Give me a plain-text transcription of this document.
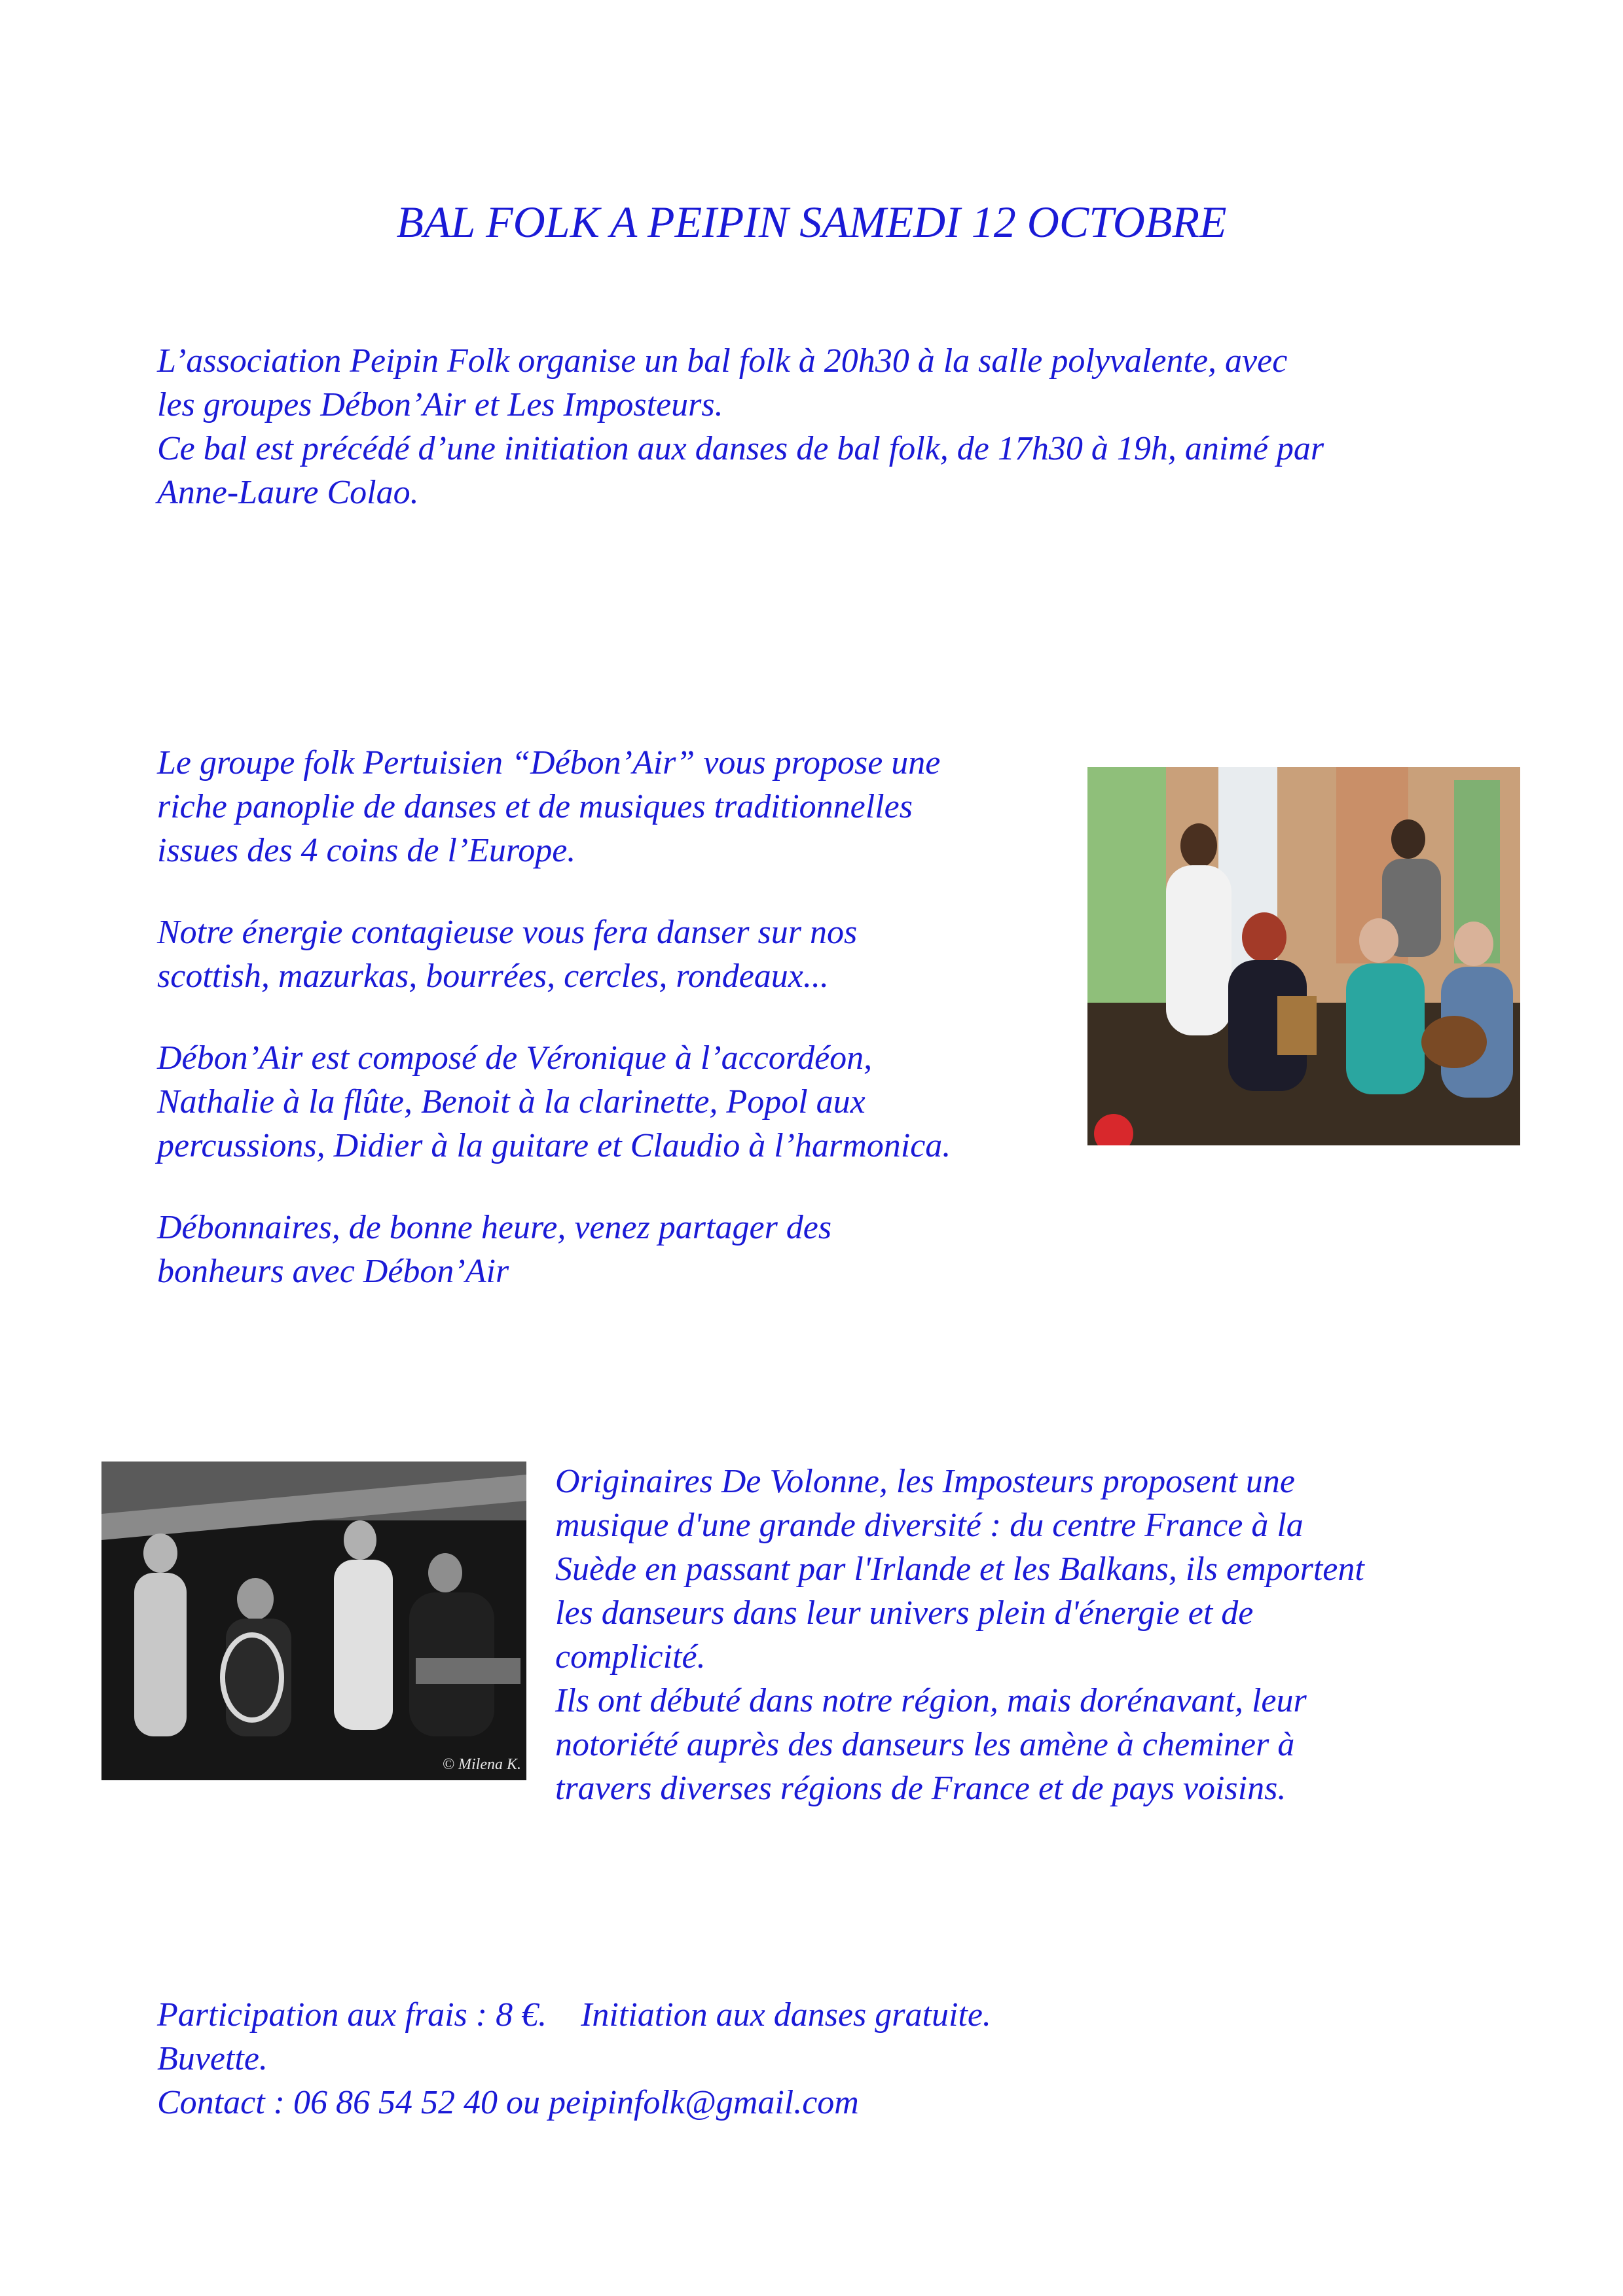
BAL FOLK A PEIPIN SAMEDI 12 OCTOBRE

L’association Peipin Folk organise un bal folk à 20h30 à la salle polyvalente, avec

les groupes Débon’Air et Les Imposteurs.

Ce bal est précédé d’une initiation aux danses de bal folk, de 17h30 à 19h, animé par

Anne-Laure Colao.

Le groupe folk Pertuisien “Débon’Air” vous propose une
riche panoplie de danses et de musiques traditionnelles
issues des 4 coins de l’Europe.

Notre énergie contagieuse vous fera danser sur nos
scottish, mazurkas, bourrées, cercles, rondeaux...

Débon’Air est composé de Véronique à l’accordéon,
Nathalie à la flûte, Benoit à la clarinette, Popol aux
percussions, Didier à la guitare et Claudio à l’harmonica.

Débonnaires, de bonne heure, venez partager des
bonheurs avec Débon’Air

© Milena K.

Originaires De Volonne, les Imposteurs proposent une

musique d'une grande diversité : du centre France à la

Suède en passant par l'Irlande et les Balkans, ils emportent

les danseurs dans leur univers plein d'énergie et de

complicité.

Ils ont débuté dans notre région, mais dorénavant, leur

notoriété auprès des danseurs les amène à cheminer à

travers diverses régions de France et de pays voisins.

Participation aux frais : 8 €.    Initiation aux danses gratuite.

Buvette.

Contact : 06 86 54 52 40 ou peipinfolk@gmail.com
